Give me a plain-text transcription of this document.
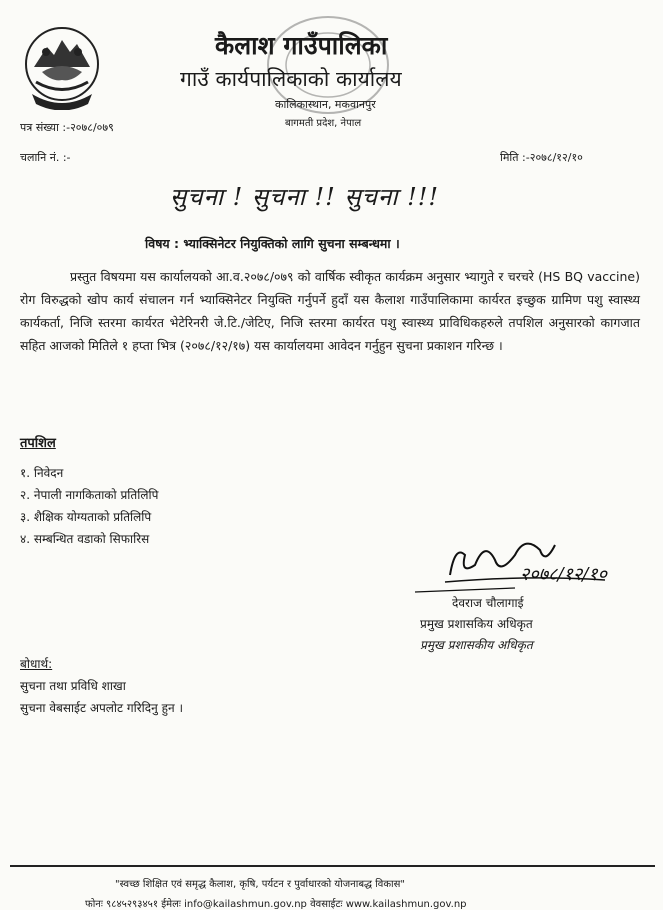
कैलाश गाउँपालिका
गाउँ कार्यपालिकाको कार्यालय
कालिकास्थान, मकवानपुर
बागमती प्रदेश, नेपाल
पत्र संख्या :-२०७८/०७९
चलानि नं. :-	मिति :-२०७८/१२/१०
सुचना ! सुचना !! सुचना !!!
विषय : भ्याक्सिनेटर नियुक्तिको लागि सुचना सम्बन्धमा ।

प्रस्तुत विषयमा यस कार्यालयको आ.व.२०७८/०७९ को वार्षिक स्वीकृत कार्यक्रम अनुसार भ्यागुते र चरचरे (HS BQ vaccine) रोग विरुद्धको खोप कार्य संचालन गर्न भ्याक्सिनेटर नियुक्ति गर्नुपर्ने हुदाँ यस कैलाश गाउँपालिकामा कार्यरत इच्छुक ग्रामिण पशु स्वास्थ्य कार्यकर्ता, निजि स्तरमा कार्यरत भेटेरिनरी जे.टि./जेटिए, निजि स्तरमा कार्यरत पशु स्वास्थ्य प्राविधिकहरुले तपशिल अनुसारको कागजात सहित आजको मितिले १ हप्ता भित्र (२०७८/१२/१७) यस कार्यालयमा आवेदन गर्नुहुन सुचना प्रकाशन गरिन्छ ।

तपशिल
१. निवेदन
२. नेपाली नागकिताको प्रतिलिपि
३. शैक्षिक योग्यताको प्रतिलिपि
४. सम्बन्धित वडाको सिफारिस
२०७८/१२/१०
देवराज चौलागाई
प्रमुख प्रशासकिय अधिकृत
प्रमुख प्रशासकीय अधिकृत
बोधार्थ:
सुचना तथा प्रविधि शाखा
सुचना वेबसाईट अपलोट गरिदिनु हुन ।
"स्वच्छ शिक्षित एवं समृद्ध कैलाश, कृषि, पर्यटन र पुर्वाधारको योजनाबद्ध विकास"
फोनः ९८४५२९३४५१ ईमेलः info@kailashmun.gov.np वेवसाईटः www.kailashmun.gov.np
